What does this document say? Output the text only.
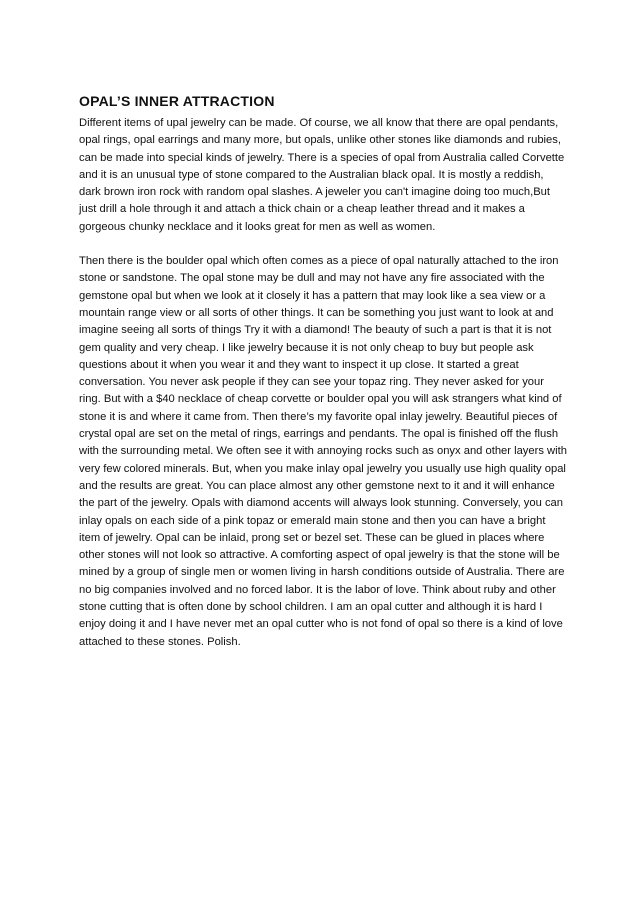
OPAL’S INNER ATTRACTION

Different items of upal jewelry can be made. Of course, we all know that there are opal pendants, opal rings, opal earrings and many more, but opals, unlike other stones like diamonds and rubies, can be made into special kinds of jewelry. There is a species of opal from Australia called Corvette and it is an unusual type of stone compared to the Australian black opal. It is mostly a reddish, dark brown iron rock with random opal slashes. A jeweler you can't imagine doing too much,But just drill a hole through it and attach a thick chain or a cheap leather thread and it makes a gorgeous chunky necklace and it looks great for men as well as women.

Then there is the boulder opal which often comes as a piece of opal naturally attached to the iron stone or sandstone. The opal stone may be dull and may not have any fire associated with the gemstone opal but when we look at it closely it has a pattern that may look like a sea view or a mountain range view or all sorts of other things. It can be something you just want to look at and imagine seeing all sorts of things Try it with a diamond! The beauty of such a part is that it is not gem quality and very cheap. I like jewelry because it is not only cheap to buy but people ask questions about it when you wear it and they want to inspect it up close. It started a great conversation. You never ask people if they can see your topaz ring. They never asked for your ring. But with a $40 necklace of cheap corvette or boulder opal you will ask strangers what kind of stone it is and where it came from. Then there’s my favorite opal inlay jewelry. Beautiful pieces of crystal opal are set on the metal of rings, earrings and pendants. The opal is finished off the flush with the surrounding metal. We often see it with annoying rocks such as onyx and other layers with very few colored minerals. But, when you make inlay opal jewelry you usually use high quality opal and the results are great. You can place almost any other gemstone next to it and it will enhance the part of the jewelry. Opals with diamond accents will always look stunning. Conversely, you can inlay opals on each side of a pink topaz or emerald main stone and then you can have a bright item of jewelry. Opal can be inlaid, prong set or bezel set. These can be glued in places where other stones will not look so attractive. A comforting aspect of opal jewelry is that the stone will be mined by a group of single men or women living in harsh conditions outside of Australia. There are no big companies involved and no forced labor. It is the labor of love. Think about ruby and other stone cutting that is often done by school children. I am an opal cutter and although it is hard I enjoy doing it and I have never met an opal cutter who is not fond of opal so there is a kind of love attached to these stones. Polish.
